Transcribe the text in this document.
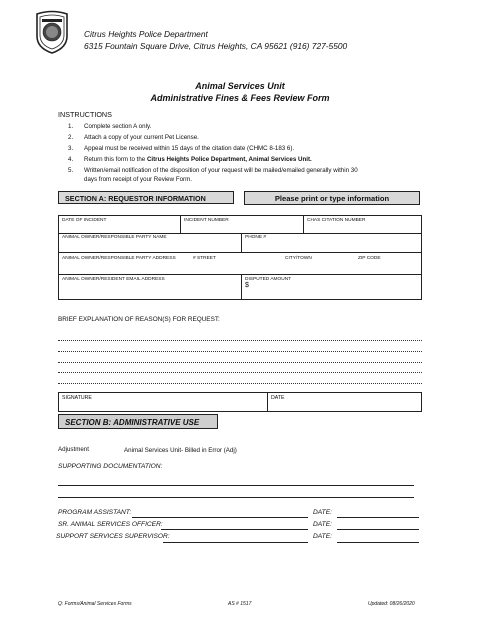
Citrus Heights Police Department
6315 Fountain Square Drive, Citrus Heights, CA 95621 (916) 727-5500
Animal Services Unit
Administrative Fines & Fees Review Form
INSTRUCTIONS
1. Complete section A only.
2. Attach a copy of your current Pet License.
3. Appeal must be received within 15 days of the citation date (CHMC 8-183 6).
4. Return this form to the Citrus Heights Police Department, Animal Services Unit.
5. Written/email notification of the disposition of your request will be mailed/emailed generally within 30
days from receipt of your Review Form.
SECTION A: REQUESTOR INFORMATION	Please print or type information
DATE OF INCIDENT	INCIDENT NUMBER	CHAS CITATION NUMBER
ANIMAL OWNER/RESPONSIBLE PARTY NAME	PHONE #
ANIMAL OWNER/RESPONSIBLE PARTY ADDRESS	# STREET	CITY/TOWN	ZIP CODE
ANIMAL OWNER/RESIDENT EMAIL ADDRESS	DISPUTED AMOUNT
$
BRIEF EXPLANATION OF REASON(S) FOR REQUEST:
SIGNATURE	DATE
SECTION B: ADMINISTRATIVE USE
Adjustment	Animal Services Unit- Billed in Error (Adj)
SUPPORTING DOCUMENTATION:
PROGRAM ASSISTANT:	DATE:
SR. ANIMAL SERVICES OFFICER:	DATE:
SUPPORT SERVICES SUPERVISOR:	DATE:
Q: Forms/Animal Services Forms	AS # 1517	Updated: 08/26/2020
